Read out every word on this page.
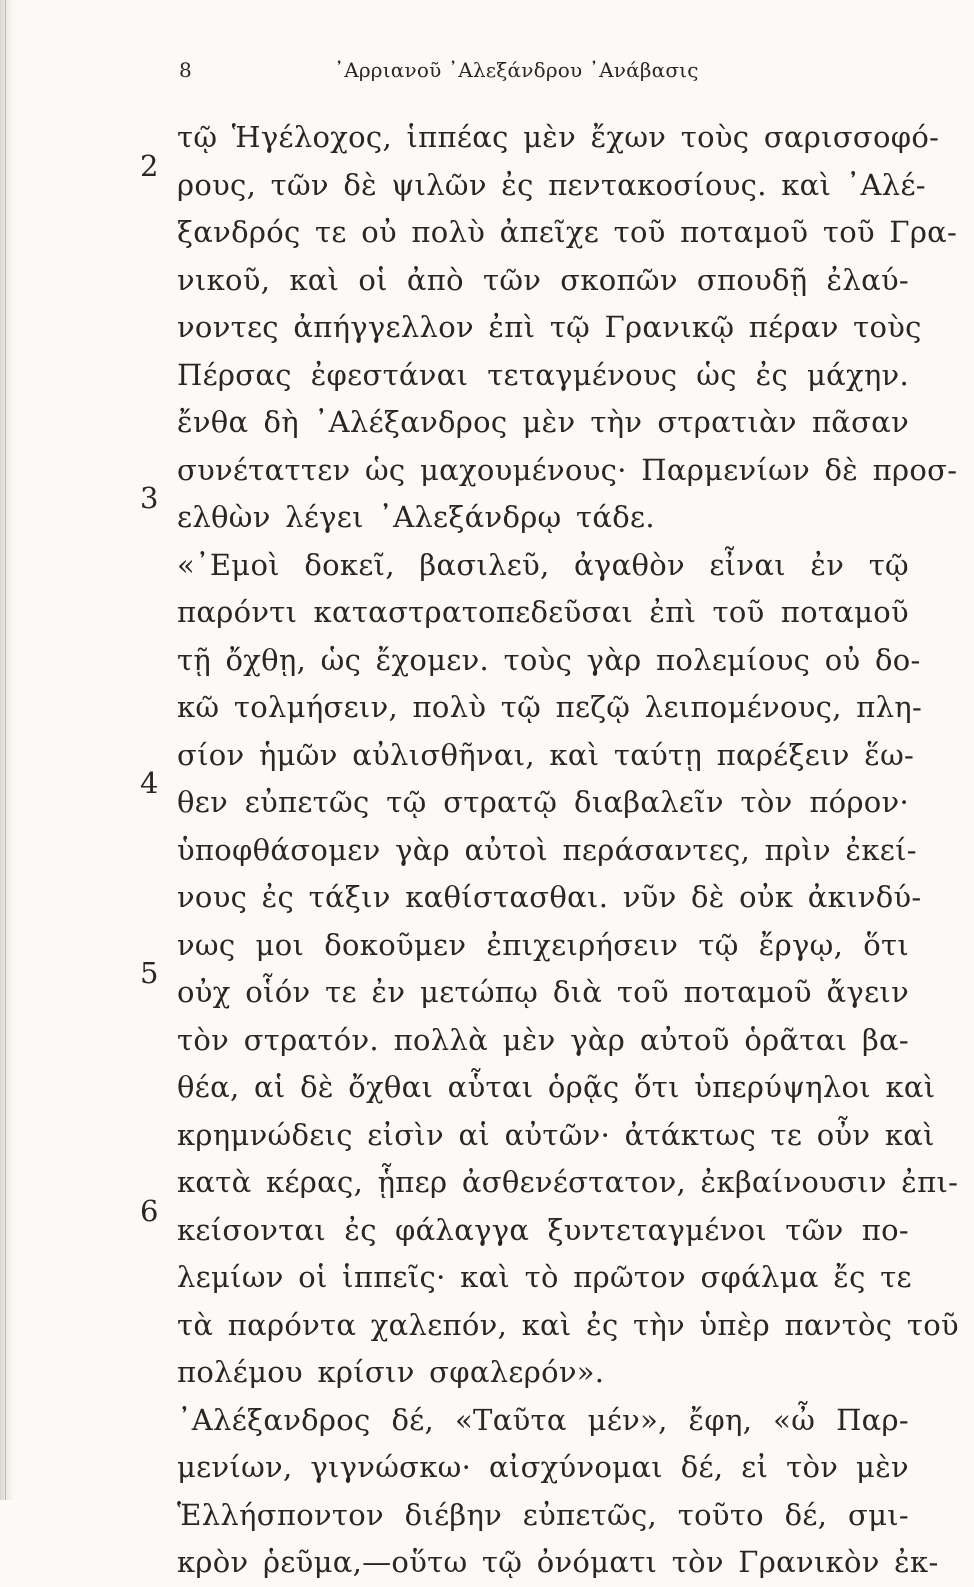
8	᾿Αρριανοῦ ᾿Αλεξάνδρου ᾿Ανάβασις
2
3
4
5
6
τῷ Ἡγέλοχος, ἱππέας μὲν ἔχων τοὺς σαρισσοφό-
ρους, τῶν δὲ ψιλῶν ἐς πεντακοσίους. καὶ ᾿Αλέ-
ξανδρός τε οὐ πολὺ ἀπεῖχε τοῦ ποταμοῦ τοῦ Γρα-
νικοῦ, καὶ οἱ ἀπὸ τῶν σκοπῶν σπουδῇ ἐλαύ-
νοντες ἀπήγγελλον ἐπὶ τῷ Γρανικῷ πέραν τοὺς
Πέρσας ἐφεστάναι τεταγμένους ὡς ἐς μάχην.
ἔνθα δὴ ᾿Αλέξανδρος μὲν τὴν στρατιὰν πᾶσαν
συνέταττεν ὡς μαχουμένους· Παρμενίων δὲ προσ-
ελθὼν λέγει ᾿Αλεξάνδρῳ τάδε.
«᾿Εμοὶ δοκεῖ, βασιλεῦ, ἀγαθὸν εἶναι ἐν τῷ
παρόντι καταστρατοπεδεῦσαι ἐπὶ τοῦ ποταμοῦ
τῇ ὄχθῃ, ὡς ἔχομεν. τοὺς γὰρ πολεμίους οὐ δο-
κῶ τολμήσειν, πολὺ τῷ πεζῷ λειπομένους, πλη-
σίον ἡμῶν αὐλισθῆναι, καὶ ταύτῃ παρέξειν ἕω-
θεν εὐπετῶς τῷ στρατῷ διαβαλεῖν τὸν πόρον·
ὑποφθάσομεν γὰρ αὐτοὶ περάσαντες, πρὶν ἐκεί-
νους ἐς τάξιν καθίστασθαι. νῦν δὲ οὐκ ἀκινδύ-
νως μοι δοκοῦμεν ἐπιχειρήσειν τῷ ἔργῳ, ὅτι
οὐχ οἷόν τε ἐν μετώπῳ διὰ τοῦ ποταμοῦ ἄγειν
τὸν στρατόν. πολλὰ μὲν γὰρ αὐτοῦ ὁρᾶται βα-
θέα, αἱ δὲ ὄχθαι αὗται ὁρᾷς ὅτι ὑπερύψηλοι καὶ
κρημνώδεις εἰσὶν αἱ αὐτῶν· ἀτάκτως τε οὖν καὶ
κατὰ κέρας, ᾗπερ ἀσθενέστατον, ἐκβαίνουσιν ἐπι-
κείσονται ἐς φάλαγγα ξυντεταγμένοι τῶν πο-
λεμίων οἱ ἱππεῖς· καὶ τὸ πρῶτον σφάλμα ἔς τε
τὰ παρόντα χαλεπόν, καὶ ἐς τὴν ὑπὲρ παντὸς τοῦ
πολέμου κρίσιν σφαλερόν».
᾿Αλέξανδρος δέ, «Ταῦτα μέν», ἔφη, «ὦ Παρ-
μενίων, γιγνώσκω· αἰσχύνομαι δέ, εἰ τὸν μὲν
Ἑλλήσποντον διέβην εὐπετῶς, τοῦτο δέ, σμι-
κρὸν ῥεῦμα,—οὕτω τῷ ὀνόματι τὸν Γρανικὸν ἐκ-
